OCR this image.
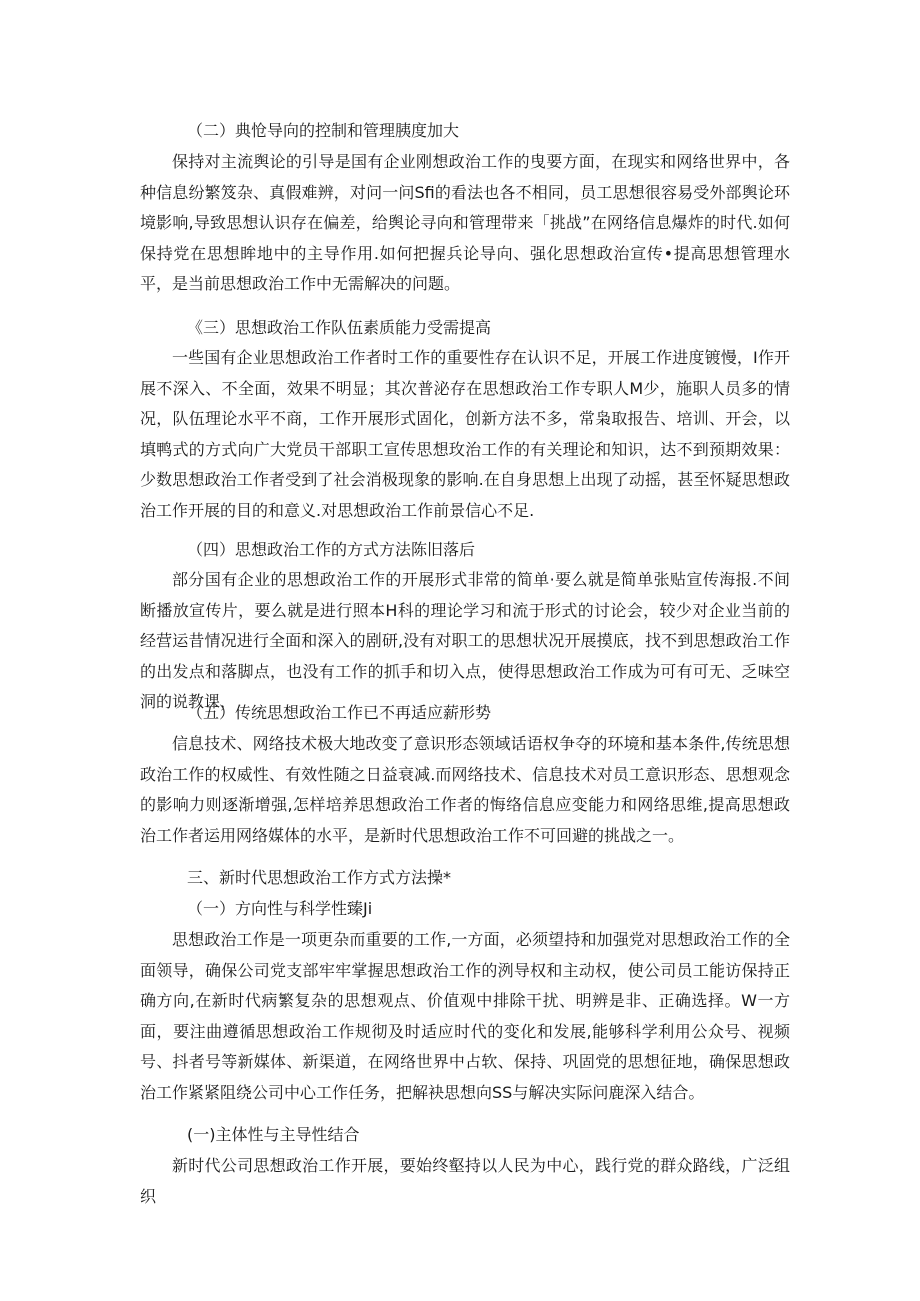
（二）典怆导向的控制和管理胰度加大
保持对主流舆论的引导是国有企业刚想政治工作的曳要方面，在现实和网络世界中，各种信息纷繁笈杂、真假难辨，对问一问Sfi的看法也各不相同，员工思想很容易受外部舆论环境影响,导致思想认识存在偏差，给舆论寻向和管理带来「挑战”在网络信息爆炸的时代.如何保持党在思想眸地中的主导作用.如何把握兵论导向、强化思想政治宣传•提高思想管理水平，是当前思想政治工作中无需解决的问题。
《三）思想政治工作队伍素质能力受需提高
一些国有企业思想政治工作者时工作的重要性存在认识不足，开展工作进度镀慢，I作开展不深入、不全面，效果不明显；其次普泌存在思想政治工作专职人M少，施职人员多的情况，队伍理论水平不商，工作开展形式固化，创新方法不多，常枭取报告、培训、开会，以填鸭式的方式向广大党员干部职工宣传思想玫治工作的有关理论和知识，达不到预期效果：少数思想政治工作者受到了社会消极现象的影响.在自身思想上出现了动摇，甚至怀疑思想政治工作开展的目的和意义.对思想政治工作前景信心不足.
（四）思想政治工作的方式方法陈旧落后
部分国有企业的思想政治工作的开展形式非常的简单·要么就是简单张贴宣传海报.不间断播放宣传片，要么就是进行照本H科的理论学习和流于形式的讨论会，较少对企业当前的经营运昔情况进行全面和深入的剧研,没有对职工的思想状况开展摸底，找不到思想政治工作的出发点和落脚点，也没有工作的抓手和切入点，使得思想政治工作成为可有可无、乏味空洞的说教课，
（五）传统思想政治工作已不再适应薪形势
信息技术、网络技术极大地改变了意识形态领域话语权争夺的环境和基本条件,传统思想政治工作的权威性、有效性随之日益衰减.而网络技术、信息技术对员工意识形态、思想观念的影响力则逐渐增强,怎样培养思想政治工作者的悔络信息应变能力和网络思维,提高思想政治工作者运用网络媒体的水平，是新时代思想政治工作不可回避的挑战之一。
三、新时代思想政治工作方式方法操*
（一）方向性与科学性臻Ji
思想政治工作是一项更杂而重要的工作,一方面，必须望持和加强党对思想政治工作的全面领导，确保公司党支部牢牢掌握思想政治工作的洌导权和主动权，使公司员工能访保持正确方向,在新时代病繁复杂的思想观点、价值观中排除干扰、明辨是非、正确选择。W一方面，要注曲遵循思想政治工作规彻及时适应时代的变化和发展,能够科学利用公众号、视频号、抖者号等新媒体、新渠道，在网络世界中占软、保持、巩固党的思想征地，确保思想政治工作紧紧阻绕公司中心工作任务，把解袂思想向SS与解决实际问鹿深入结合。
(一)主体性与主导性结合
新时代公司思想政治工作开展，要始终壑持以人民为中心，践行党的群众路线，广泛组织
